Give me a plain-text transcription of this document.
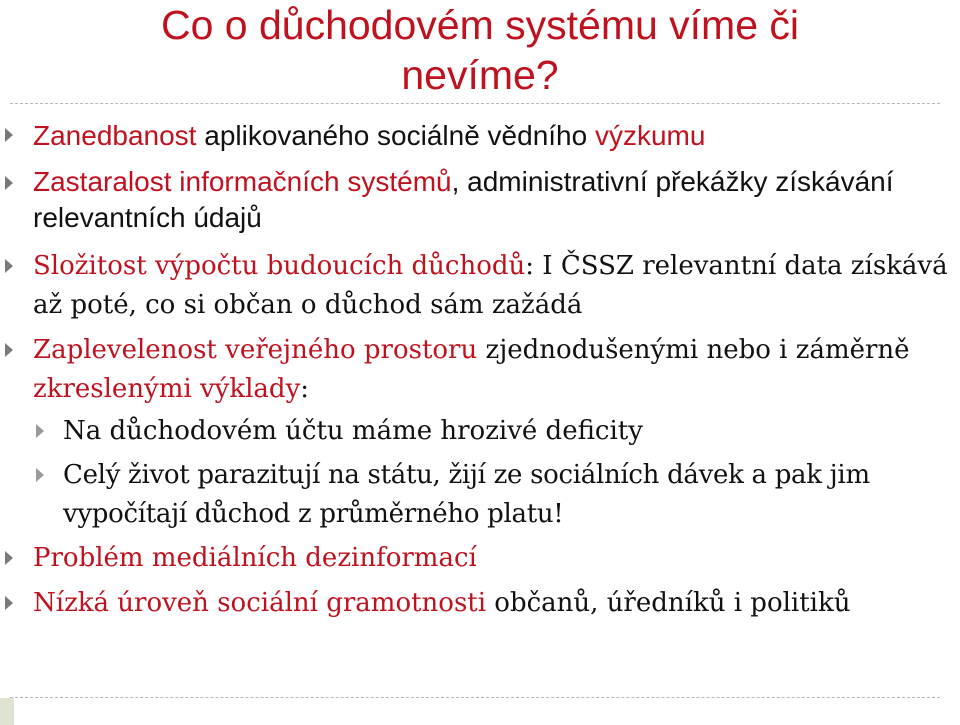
Co o důchodovém systému víme či
nevíme?
Zanedbanost aplikovaného sociálně vědního výzkumu
Zastaralost informačních systémů, administrativní překážky získávání relevantních údajů
Složitost výpočtu budoucích důchodů: I ČSSZ relevantní data získává až poté, co si občan o důchod sám zažádá
Zaplevelenost veřejného prostoru zjednodušenými nebo i záměrně zkreslenými výklady:
Na důchodovém účtu máme hrozivé deficity
Celý život parazitují na státu, žijí ze sociálních dávek a pak jim vypočítají důchod z průměrného platu!
Problém mediálních dezinformací
Nízká úroveň sociální gramotnosti občanů, úředníků i politiků
